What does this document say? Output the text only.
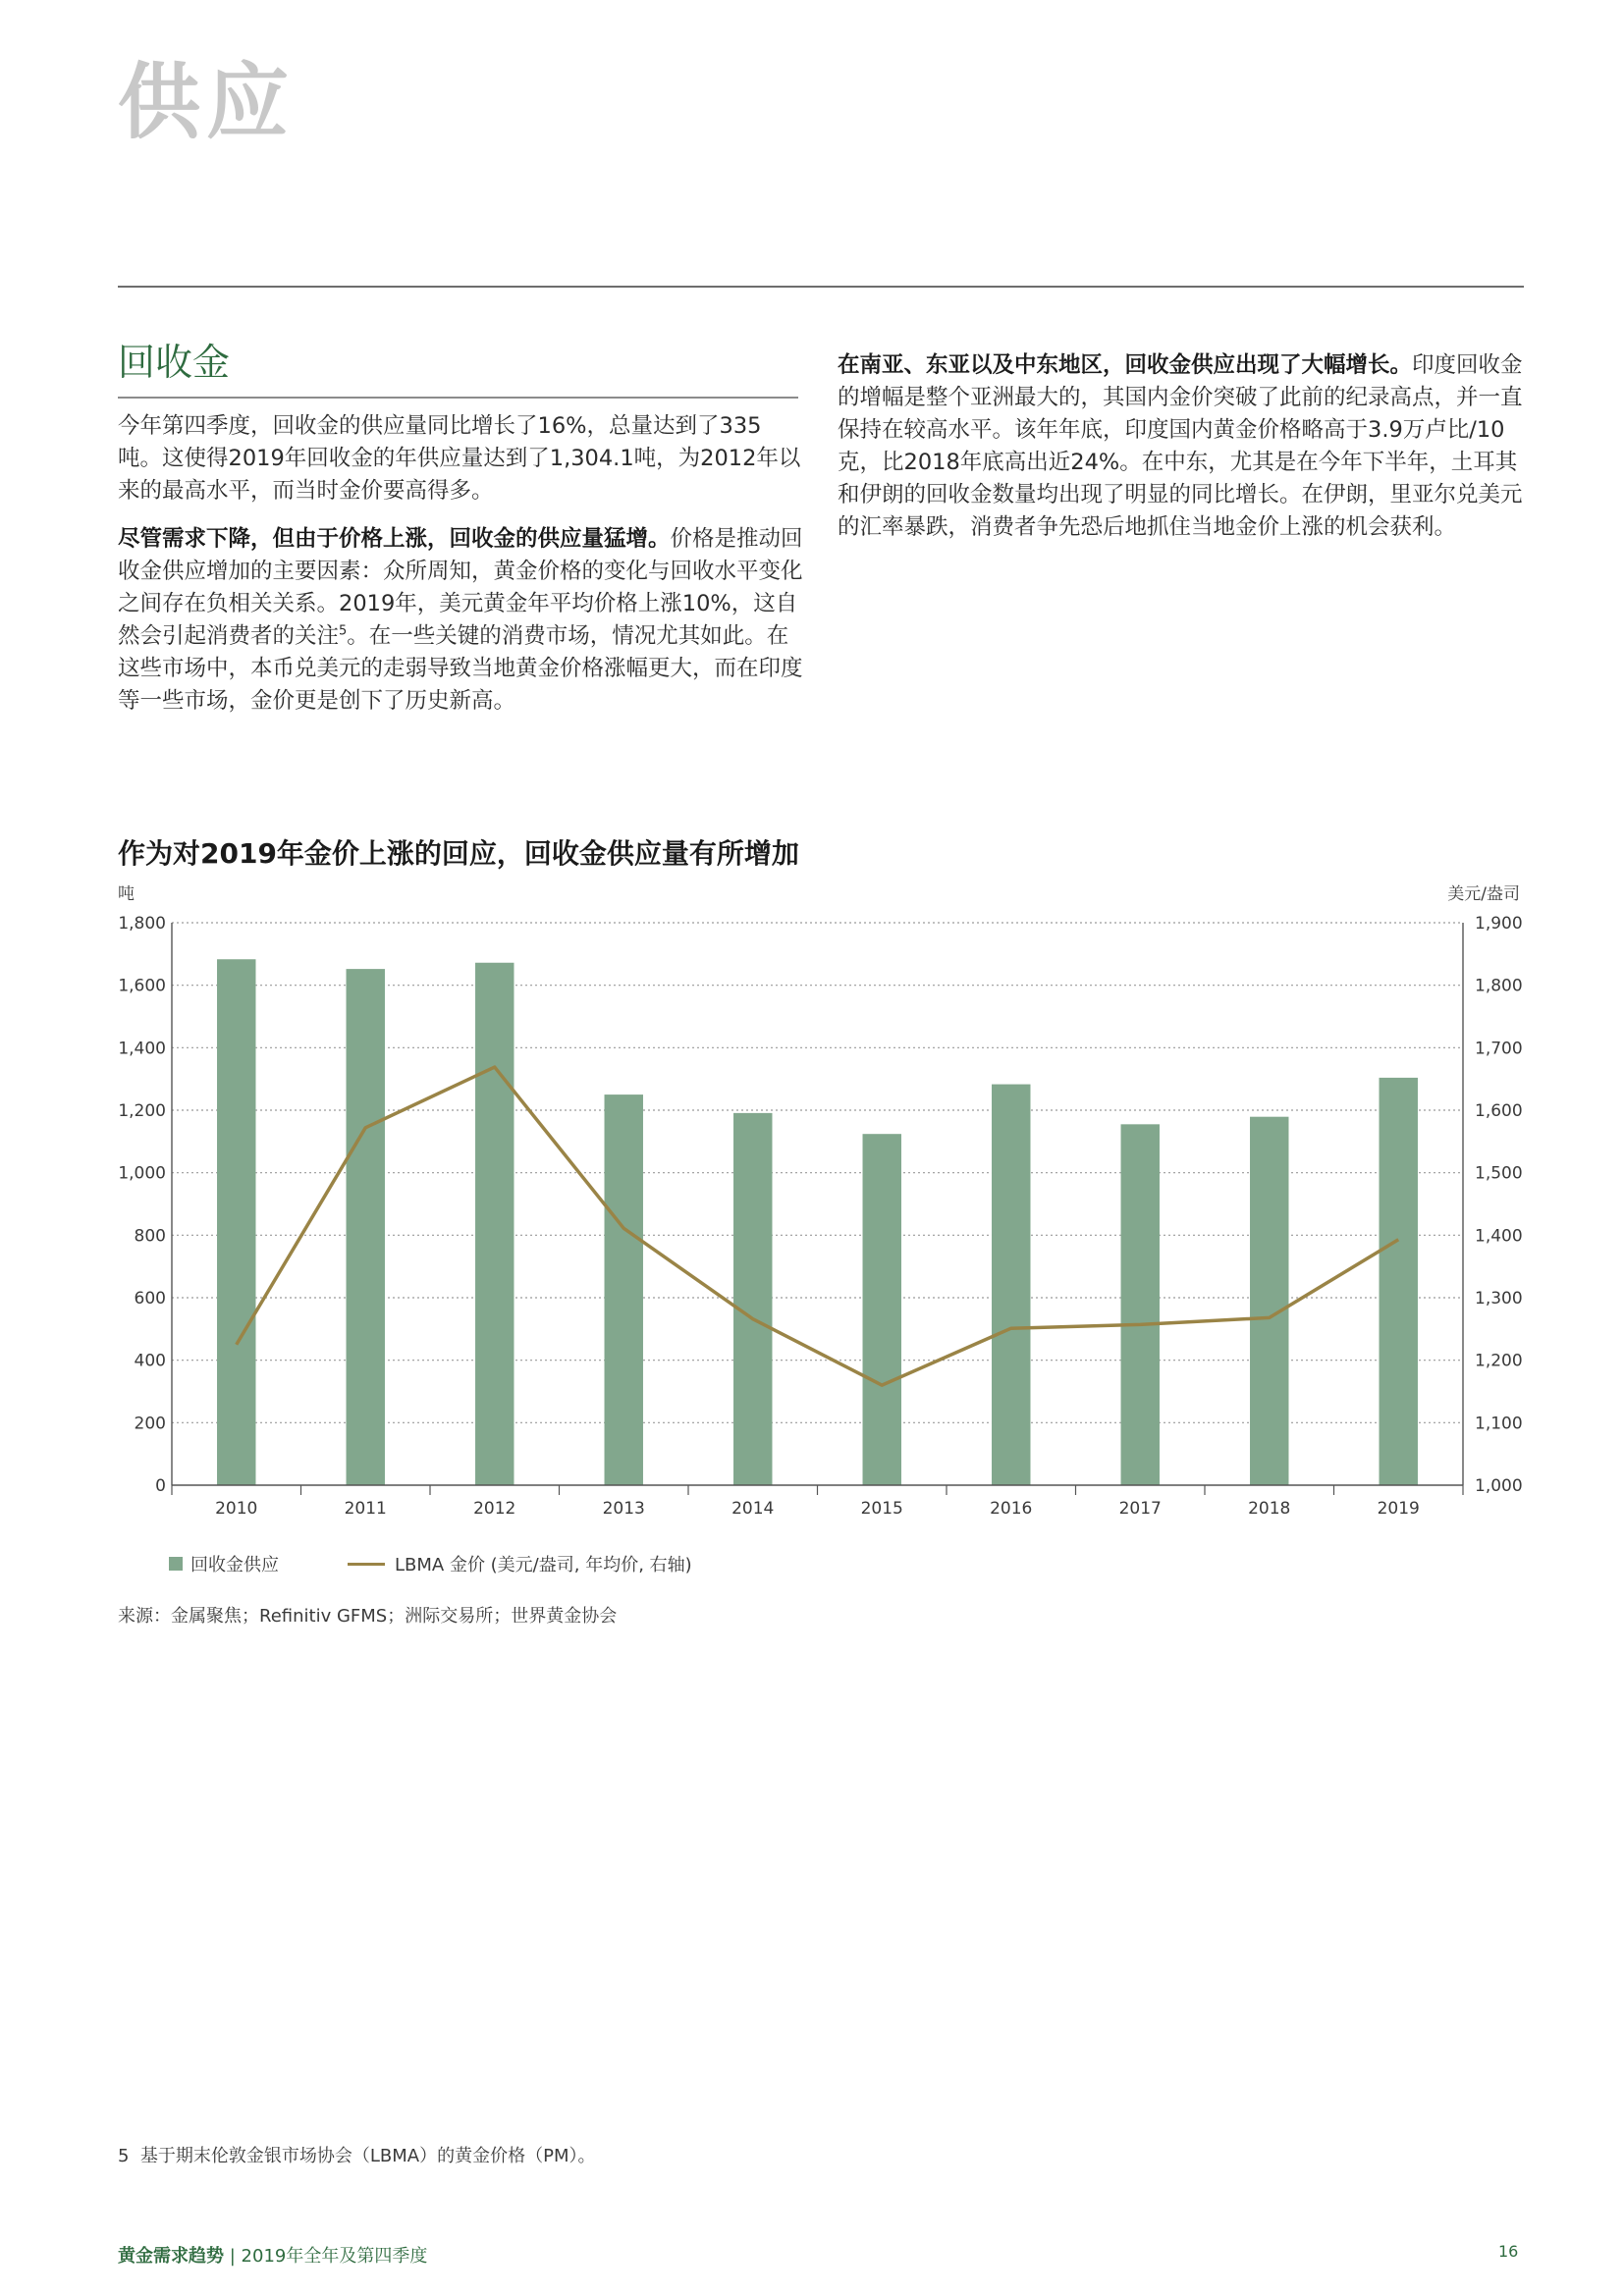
供应
回收金

今年第四季度，回收金的供应量同比增长了16%，总量达到了335吨。这使得2019年回收金的年供应量达到了1,304.1吨，为2012年以来的最高水平，而当时金价要高得多。

尽管需求下降，但由于价格上涨，回收金的供应量猛增。价格是推动回收金供应增加的主要因素：众所周知，黄金价格的变化与回收水平变化之间存在负相关关系。2019年，美元黄金年平均价格上涨10%，这自然会引起消费者的关注$^5$。在一些关键的消费市场，情况尤其如此。在这些市场中，本币兑美元的走弱导致当地黄金价格涨幅更大，而在印度等一些市场，金价更是创下了历史新高。

在南亚、东亚以及中东地区，回收金供应出现了大幅增长。印度回收金的增幅是整个亚洲最大的，其国内金价突破了此前的纪录高点，并一直保持在较高水平。该年年底，印度国内黄金价格略高于3.9万卢比/10克，比2018年底高出近24%。在中东，尤其是在今年下半年，土耳其和伊朗的回收金数量均出现了明显的同比增长。在伊朗，里亚尔兑美元的汇率暴跌，消费者争先恐后地抓住当地金价上涨的机会获利。

作为对2019年金价上涨的回应，回收金供应量有所增加
吨	美元/盎司
0
200
400
600
800
1,000
1,200
1,400
1,600
1,800
1,000
1,100
1,200
1,300
1,400
1,500
1,600
1,700
1,800
1,900
2010	2011	2012	2013	2014	2015	2016	2017	2018	2019
回收金供应	LBMA 金价 (美元/盎司, 年均价, 右轴)
来源：金属聚焦；Refinitiv GFMS；洲际交易所；世界黄金协会
5 基于期末伦敦金银市场协会（LBMA）的黄金价格（PM）。
黄金需求趋势 | 2019年全年及第四季度	16
